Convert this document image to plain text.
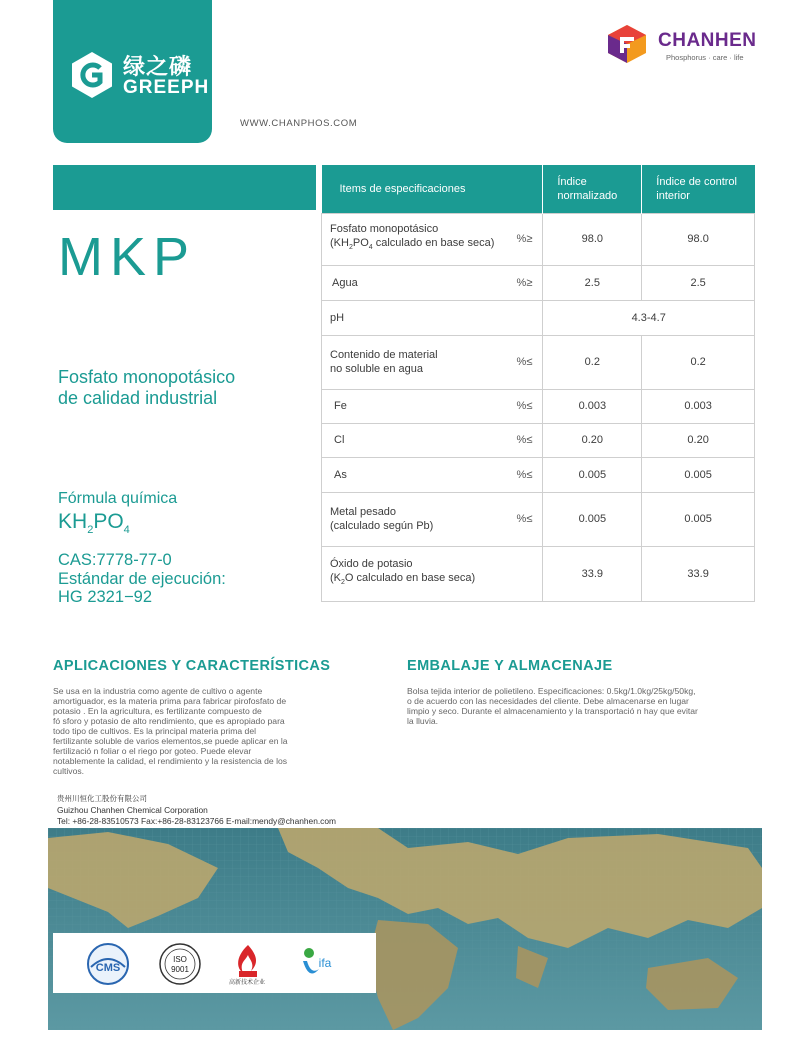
绿之磷
GREEPH
CHANHEN
Phosphorus · care · life
WWW.CHANPHOS.COM
MKP
Fosfato monopotásico
de calidad industrial
Fórmula química
$KH_2PO_4$
CAS:7778-77-0
Estándar de ejecución:
HG 2321−92
Items de especificaciones	Índice normalizado	Índice de control interior

Fosfato monopotásico
($KH_2PO_4$ calculado en base seca) %≥	98.0	98.0

Agua %≥	2.5	2.5
pH	4.3-4.7	

Contenido de material
no soluble en agua
%≤	0.2	0.2

Fe %≤	0.003	0.003

Cl %≤	0.20	0.20

As %≤	0.005	0.005

Metal pesado
(calculado según Pb)
%≤	0.005	0.005

Óxido de potasio
($K_2O$ calculado en base seca)	33.9	33.9
APLICACIONES Y CARACTERÍSTICAS
Se usa en la industria como agente de cultivo o agente
amortiguador, es la materia prima para fabricar pirofosfato de
potasio . En la agricultura, es fertilizante compuesto de
fó sforo y potasio de alto rendimiento, que es apropiado para
todo tipo de cultivos. Es la principal materia prima del
fertilizante soluble de varios elementos,se puede aplicar en la
fertilizació n foliar o el riego por goteo. Puede elevar
notablemente la calidad, el rendimiento y la resistencia de los
cultivos.
EMBALAJE Y ALMACENAJE
Bolsa tejida interior de polietileno. Especificaciones: 0.5kg/1.0kg/25kg/50kg,
o de acuerdo con las necesidades del cliente. Debe almacenarse en lugar
limpio y seco. Durante el almacenamiento y la transportació n hay que evitar
la lluvia.
贵州川恒化工股份有限公司
Guizhou Chanhen Chemical Corporation
Tel: +86-28-83510573 Fax:+86-28-83123766 E-mail:mendy@chanhen.com
CMS
ISO
9001
高新技术企业
ifa
